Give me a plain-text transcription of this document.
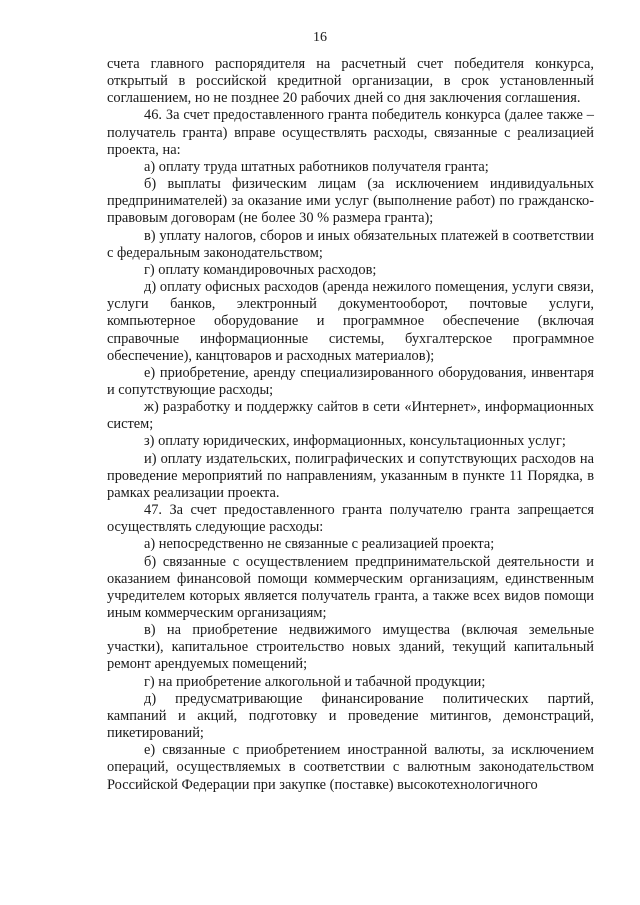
16

счета главного распорядителя на расчетный счет победителя конкурса, открытый в российской кредитной организации, в срок установленный соглашением, но не позднее 20 рабочих дней со дня заключения соглашения.

46. За счет предоставленного гранта победитель конкурса (далее также – получатель гранта) вправе осуществлять расходы, связанные с реализацией проекта, на:

а) оплату труда штатных работников получателя гранта;

б) выплаты физическим лицам (за исключением индивидуальных предпринимателей) за оказание ими услуг (выполнение работ) по гражданско-правовым договорам (не более 30 % размера гранта);

в) уплату налогов, сборов и иных обязательных платежей в соответствии с федеральным законодательством;

г) оплату командировочных расходов;

д) оплату офисных расходов (аренда нежилого помещения, услуги связи, услуги банков, электронный документооборот, почтовые услуги, компьютерное оборудование и программное обеспечение (включая справочные информационные системы, бухгалтерское программное обеспечение), канцтоваров и расходных материалов);

е) приобретение, аренду специализированного оборудования, инвентаря и сопутствующие расходы;

ж) разработку и поддержку сайтов в сети «Интернет», информационных систем;

з) оплату юридических, информационных, консультационных услуг;

и) оплату издательских, полиграфических и сопутствующих расходов на проведение мероприятий по направлениям, указанным в пункте 11 Порядка, в рамках реализации проекта.

47. За счет предоставленного гранта получателю гранта запрещается осуществлять следующие расходы:

а) непосредственно не связанные с реализацией проекта;

б) связанные с осуществлением предпринимательской деятельности и оказанием финансовой помощи коммерческим организациям, единственным учредителем которых является получатель гранта, а также всех видов помощи иным коммерческим организациям;

в) на приобретение недвижимого имущества (включая земельные участки), капитальное строительство новых зданий, текущий капитальный ремонт арендуемых помещений;

г) на приобретение алкогольной и табачной продукции;

д) предусматривающие финансирование политических партий, кампаний и акций, подготовку и проведение митингов, демонстраций, пикетирований;

е) связанные с приобретением иностранной валюты, за исключением операций, осуществляемых в соответствии с валютным законодательством Российской Федерации при закупке (поставке) высокотехнологичного
